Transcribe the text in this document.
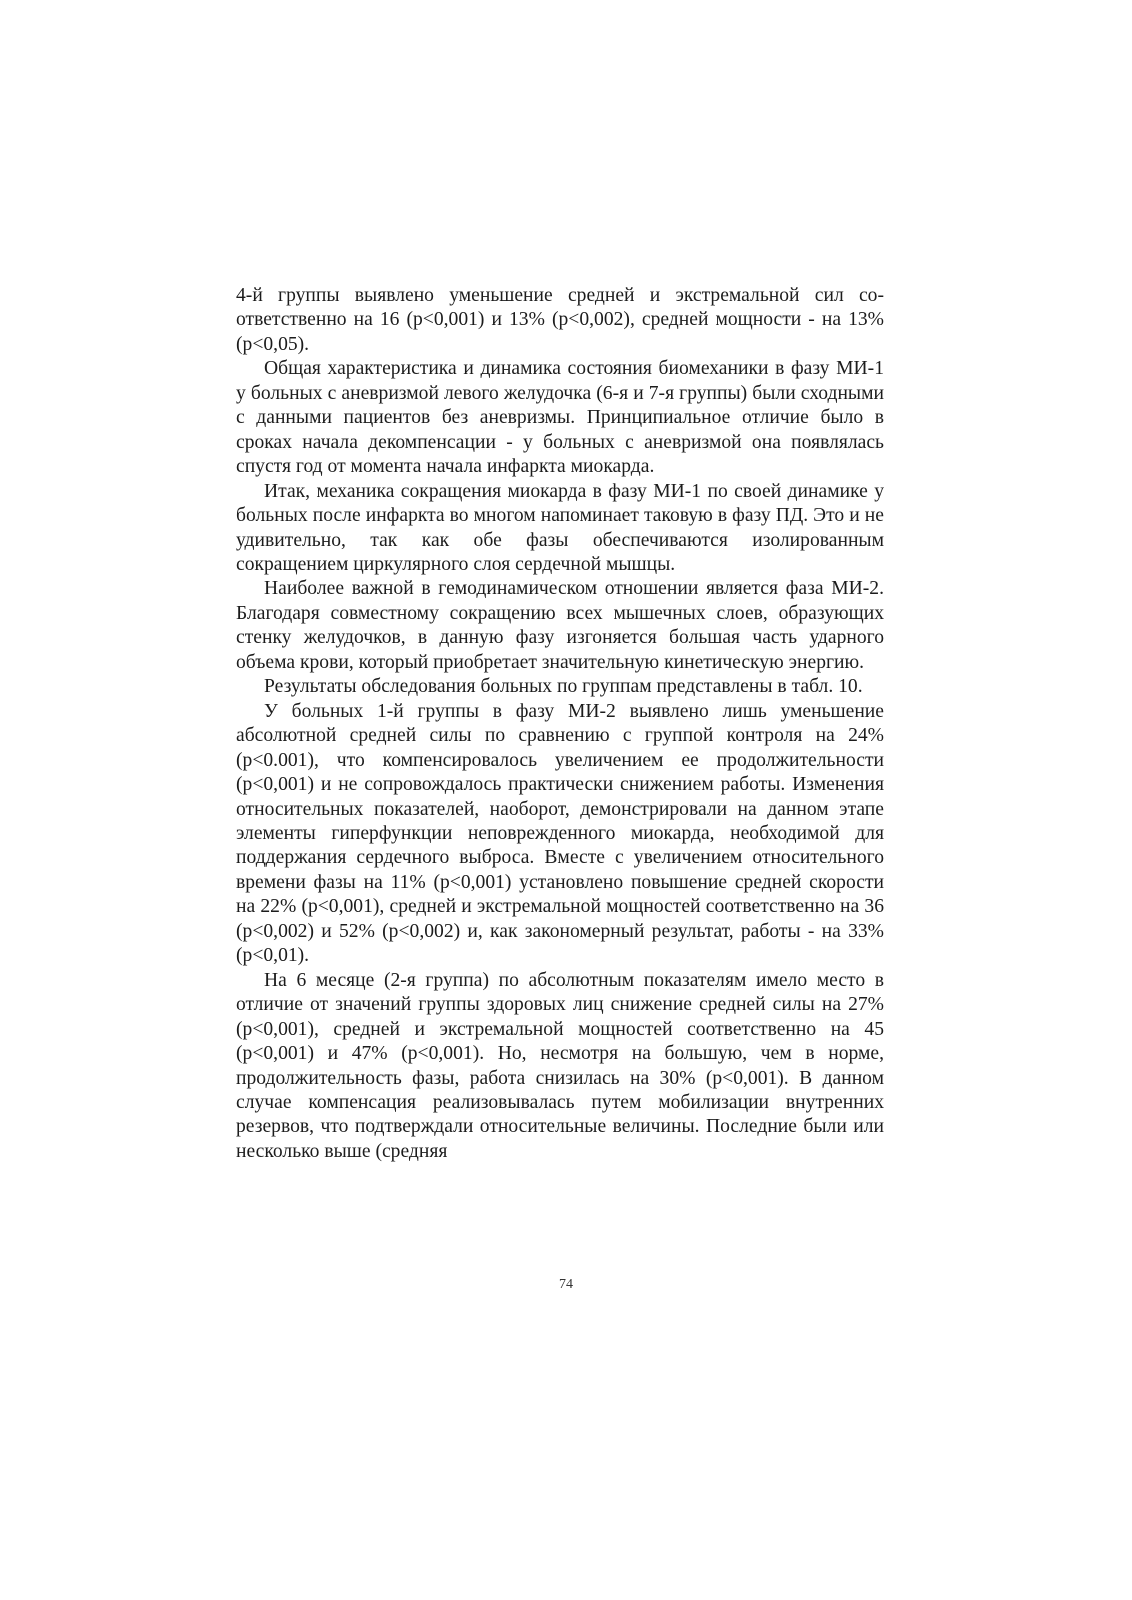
4-й группы выявлено уменьшение средней и экстремальной сил соответственно на 16 (p<0,001) и 13% (p<0,002), средней мощности - на 13% (p<0,05).

Общая характеристика и динамика состояния биомеханики в фазу МИ-1 у больных с аневризмой левого желудочка (6-я и 7-я группы) были сходными с данными пациентов без аневризмы. Принципиальное отличие было в сроках начала декомпенсации - у больных с аневризмой она появлялась спустя год от момента начала инфаркта миокарда.

Итак, механика сокращения миокарда в фазу МИ-1 по своей динамике у больных после инфаркта во многом напоминает таковую в фазу ПД. Это и не удивительно, так как обе фазы обеспечиваются изолированным сокращением циркулярного слоя сердечной мышцы.

Наиболее важной в гемодинамическом отношении является фаза МИ-2. Благодаря совместному сокращению всех мышечных слоев, образующих стенку желудочков, в данную фазу изгоняется большая часть ударного объема крови, который приобретает значительную кинетическую энергию.

Результаты обследования больных по группам представлены в табл. 10.

У больных 1-й группы в фазу МИ-2 выявлено лишь уменьшение абсолютной средней силы по сравнению с группой контроля на 24% (p<0.001), что компенсировалось увеличением ее продолжительности (p<0,001) и не сопровождалось практически снижением работы. Изменения относительных показателей, наоборот, демонстрировали на данном этапе элементы гиперфункции неповрежденного миокарда, необходимой для поддержания сердечного выброса. Вместе с увеличением относительного времени фазы на 11% (p<0,001) установлено повышение средней скорости на 22% (p<0,001), средней и экстремальной мощностей соответственно на 36 (p<0,002) и 52% (p<0,002) и, как закономерный результат, работы - на 33% (p<0,01).

На 6 месяце (2-я группа) по абсолютным показателям имело место в отличие от значений группы здоровых лиц снижение средней силы на 27% (p<0,001), средней и экстремальной мощностей соответственно на 45 (p<0,001) и 47% (p<0,001). Но, несмотря на большую, чем в норме, продолжительность фазы, работа снизилась на 30% (p<0,001). В данном случае компенсация реализовывалась путем мобилизации внутренних резервов, что подтверждали относительные величины. Последние были или несколько выше (средняя

74
